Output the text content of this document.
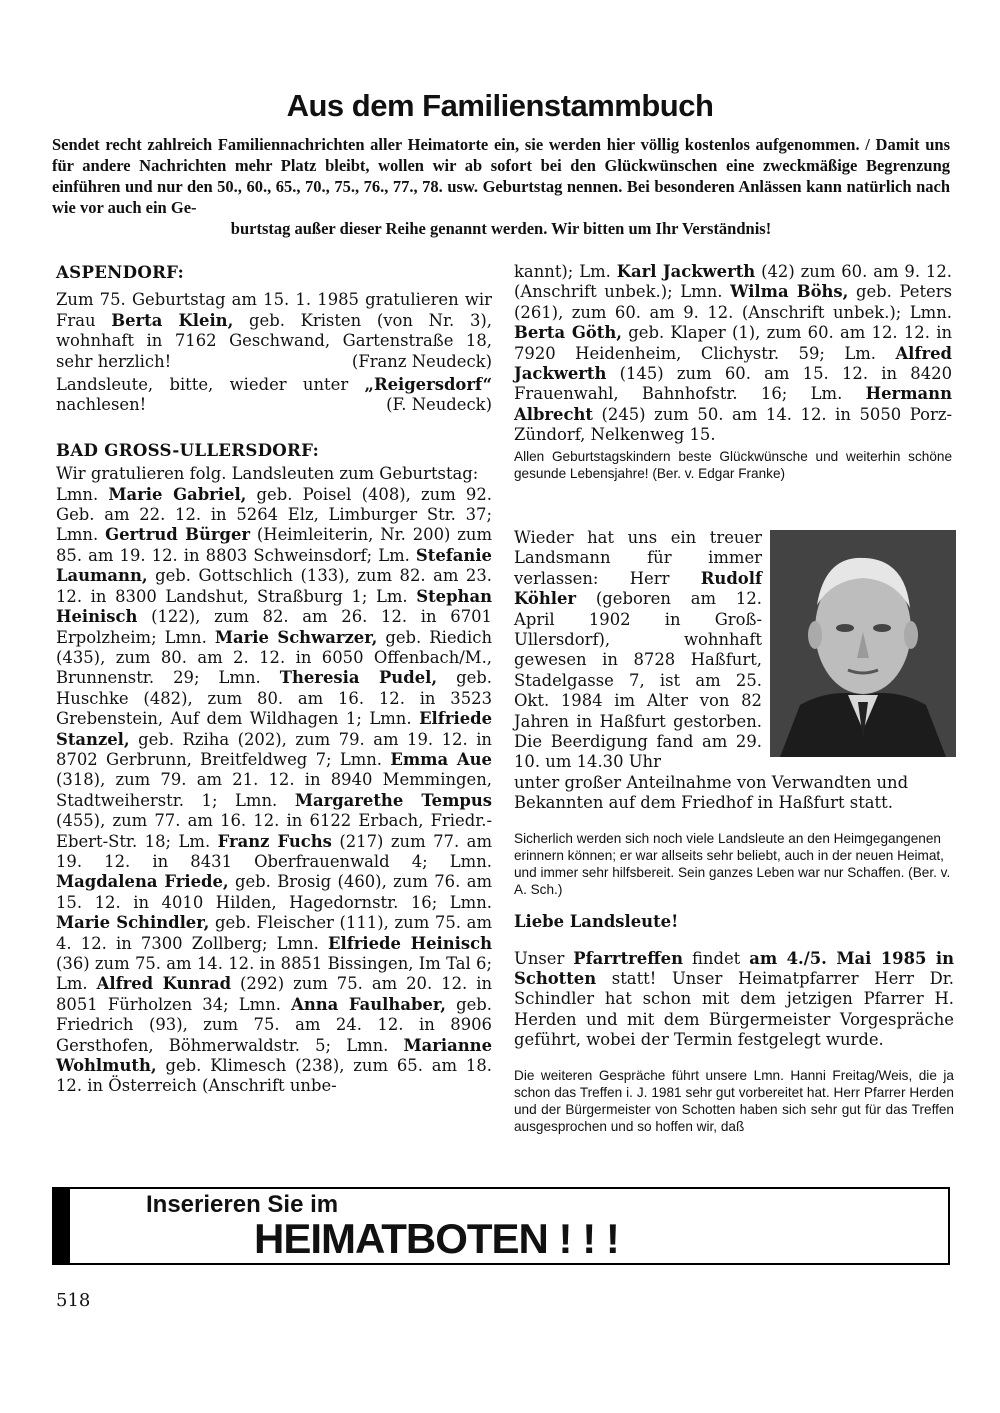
Aus dem Familienstammbuch

Sendet recht zahlreich Familiennachrichten aller Heimatorte ein, sie werden hier völlig kostenlos aufgenommen. / Damit uns für andere Nachrichten mehr Platz bleibt, wollen wir ab sofort bei den Glückwünschen eine zweckmäßige Begrenzung einführen und nur den 50., 60., 65., 70., 75., 76., 77., 78. usw. Geburtstag nennen. Bei besonderen Anlässen kann natürlich nach wie vor auch ein Ge-

burtstag außer dieser Reihe genannt werden. Wir bitten um Ihr Verständnis!

ASPENDORF:

Zum 75. Geburtstag am 15. 1. 1985 gratulieren wir Frau Berta Klein, geb. Kristen (von Nr. 3), wohnhaft in 7162 Geschwand, Gartenstraße 18, sehr herzlich!	(Franz Neudeck)

Landsleute, bitte, wieder unter „Reigersdorf“ nachlesen!	(F. Neudeck)

BAD GROSS-ULLERSDORF:

Wir gratulieren folg. Landsleuten zum Geburtstag:

Lmn. Marie Gabriel, geb. Poisel (408), zum 92. Geb. am 22. 12. in 5264 Elz, Limburger Str. 37; Lmn. Gertrud Bürger (Heimleiterin, Nr. 200) zum 85. am 19. 12. in 8803 Schweinsdorf; Lm. Stefanie Laumann, geb. Gottschlich (133), zum 82. am 23. 12. in 8300 Landshut, Straßburg 1; Lm. Stephan Heinisch (122), zum 82. am 26. 12. in 6701 Erpolzheim; Lmn. Marie Schwarzer, geb. Riedich (435), zum 80. am 2. 12. in 6050 Offenbach/M., Brunnenstr. 29; Lmn. Theresia Pudel, geb. Huschke (482), zum 80. am 16. 12. in 3523 Grebenstein, Auf dem Wildhagen 1; Lmn. Elfriede Stanzel, geb. Rziha (202), zum 79. am 19. 12. in 8702 Gerbrunn, Breitfeldweg 7; Lmn. Emma Aue (318), zum 79. am 21. 12. in 8940 Memmingen, Stadtweiherstr. 1; Lmn. Margarethe Tempus (455), zum 77. am 16. 12. in 6122 Erbach, Friedr.-Ebert-Str. 18; Lm. Franz Fuchs (217) zum 77. am 19. 12. in 8431 Oberfrauenwald 4; Lmn. Magdalena Friede, geb. Brosig (460), zum 76. am 15. 12. in 4010 Hilden, Hagedornstr. 16; Lmn. Marie Schindler, geb. Fleischer (111), zum 75. am 4. 12. in 7300 Zollberg; Lmn. Elfriede Heinisch (36) zum 75. am 14. 12. in 8851 Bissingen, Im Tal 6; Lm. Alfred Kunrad (292) zum 75. am 20. 12. in 8051 Fürholzen 34; Lmn. Anna Faulhaber, geb. Friedrich (93), zum 75. am 24. 12. in 8906 Gersthofen, Böhmerwaldstr. 5; Lmn. Marianne Wohlmuth, geb. Klimesch (238), zum 65. am 18. 12. in Österreich (Anschrift unbe-

kannt); Lm. Karl Jackwerth (42) zum 60. am 9. 12. (Anschrift unbek.); Lmn. Wilma Böhs, geb. Peters (261), zum 60. am 9. 12. (Anschrift unbek.); Lmn. Berta Göth, geb. Klaper (1), zum 60. am 12. 12. in 7920 Heidenheim, Clichystr. 59; Lm. Alfred Jackwerth (145) zum 60. am 15. 12. in 8420 Frauenwahl, Bahnhofstr. 16; Lm. Hermann Albrecht (245) zum 50. am 14. 12. in 5050 Porz-Zündorf, Nelkenweg 15.

Allen Geburtstagskindern beste Glückwünsche und weiterhin schöne gesunde Lebensjahre! (Ber. v. Edgar Franke)

Wieder hat uns ein treuer Landsmann für immer verlassen: Herr Rudolf Köhler (geboren am 12. April 1902 in Groß-Ullersdorf), wohnhaft gewesen in 8728 Haßfurt, Stadelgasse 7, ist am 25. Okt. 1984 im Alter von 82 Jahren in Haßfurt gestorben. Die Beerdigung fand am 29. 10. um 14.30 Uhr

unter großer Anteilnahme von Verwandten und Bekannten auf dem Friedhof in Haßfurt statt.

Sicherlich werden sich noch viele Landsleute an den Heimgegangenen erinnern können; er war allseits sehr beliebt, auch in der neuen Heimat, und immer sehr hilfsbereit. Sein ganzes Leben war nur Schaffen. (Ber. v. A. Sch.)

Liebe Landsleute!

Unser Pfarrtreffen findet am 4./5. Mai 1985 in Schotten statt! Unser Heimatpfarrer Herr Dr. Schindler hat schon mit dem jetzigen Pfarrer H. Herden und mit dem Bürgermeister Vorgespräche geführt, wobei der Termin festgelegt wurde.

Die weiteren Gespräche führt unsere Lmn. Hanni Freitag/Weis, die ja schon das Treffen i. J. 1981 sehr gut vorbereitet hat. Herr Pfarrer Herden und der Bürgermeister von Schotten haben sich sehr gut für das Treffen ausgesprochen und so hoffen wir, daß

Inserieren Sie im
HEIMATBOTEN ! ! !
518
